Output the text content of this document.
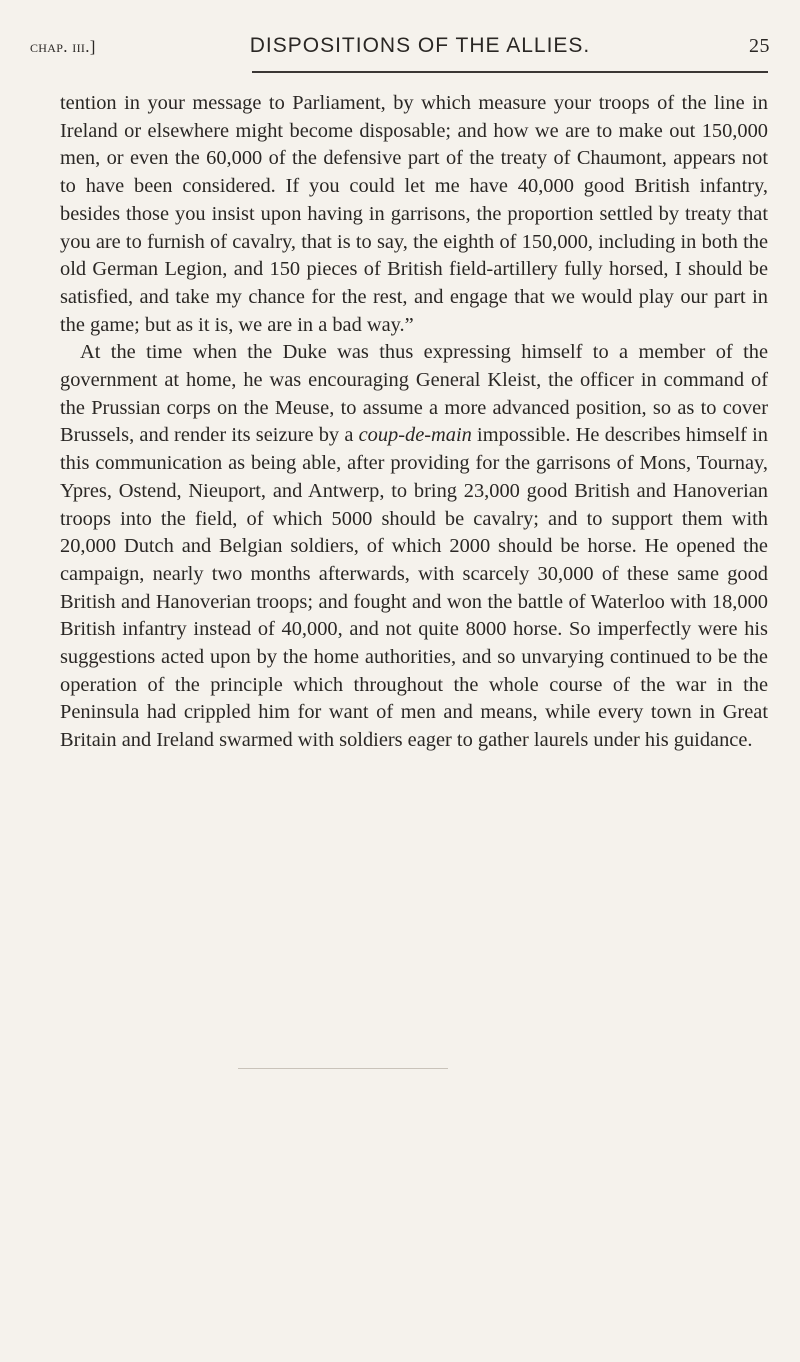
chap. iii.]	DISPOSITIONS OF THE ALLIES.	25

tention in your message to Parliament, by which measure your troops of the line in Ireland or elsewhere might become disposable; and how we are to make out 150,000 men, or even the 60,000 of the defensive part of the treaty of Chaumont, appears not to have been considered. If you could let me have 40,000 good British infantry, besides those you insist upon having in garrisons, the proportion settled by treaty that you are to furnish of cavalry, that is to say, the eighth of 150,000, including in both the old German Legion, and 150 pieces of British field-artillery fully horsed, I should be satisfied, and take my chance for the rest, and engage that we would play our part in the game; but as it is, we are in a bad way.”

At the time when the Duke was thus expressing himself to a member of the government at home, he was encouraging General Kleist, the officer in command of the Prussian corps on the Meuse, to assume a more advanced position, so as to cover Brussels, and render its seizure by a coup-de-main impossible. He describes himself in this communication as being able, after providing for the garrisons of Mons, Tournay, Ypres, Ostend, Nieuport, and Antwerp, to bring 23,000 good British and Hanoverian troops into the field, of which 5000 should be cavalry; and to support them with 20,000 Dutch and Belgian soldiers, of which 2000 should be horse. He opened the campaign, nearly two months afterwards, with scarcely 30,000 of these same good British and Hanoverian troops; and fought and won the battle of Waterloo with 18,000 British infantry instead of 40,000, and not quite 8000 horse. So imperfectly were his suggestions acted upon by the home authorities, and so unvarying continued to be the operation of the principle which throughout the whole course of the war in the Peninsula had crippled him for want of men and means, while every town in Great Britain and Ireland swarmed with soldiers eager to gather laurels under his guidance.
